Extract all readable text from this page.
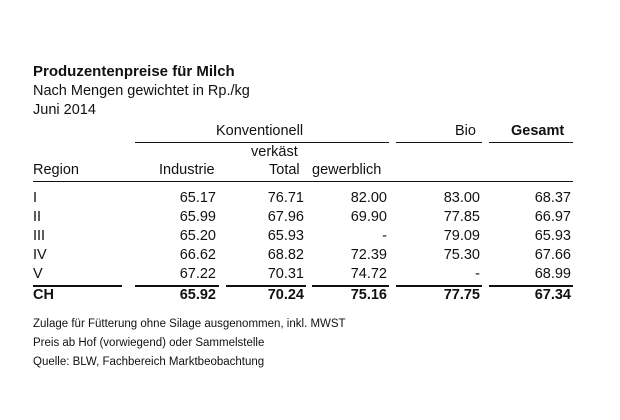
Produzentenpreise für Milch
Nach Mengen gewichtet in Rp./kg
Juni 2014
Konventionell	Bio Gesamt
verkäst
Region	Industrie	Total gewerblich
I	65.17	76.71	82.00	83.00	68.37
II	65.99	67.96	69.90	77.85	66.97
III	65.20	65.93	-	79.09	65.93
IV	66.62	68.82	72.39	75.30	67.66
V	67.22	70.31	74.72	-	68.99
CH	65.92	70.24	75.16	77.75	67.34
Zulage für Fütterung ohne Silage ausgenommen, inkl. MWST
Preis ab Hof (vorwiegend) oder Sammelstelle
Quelle: BLW, Fachbereich Marktbeobachtung
